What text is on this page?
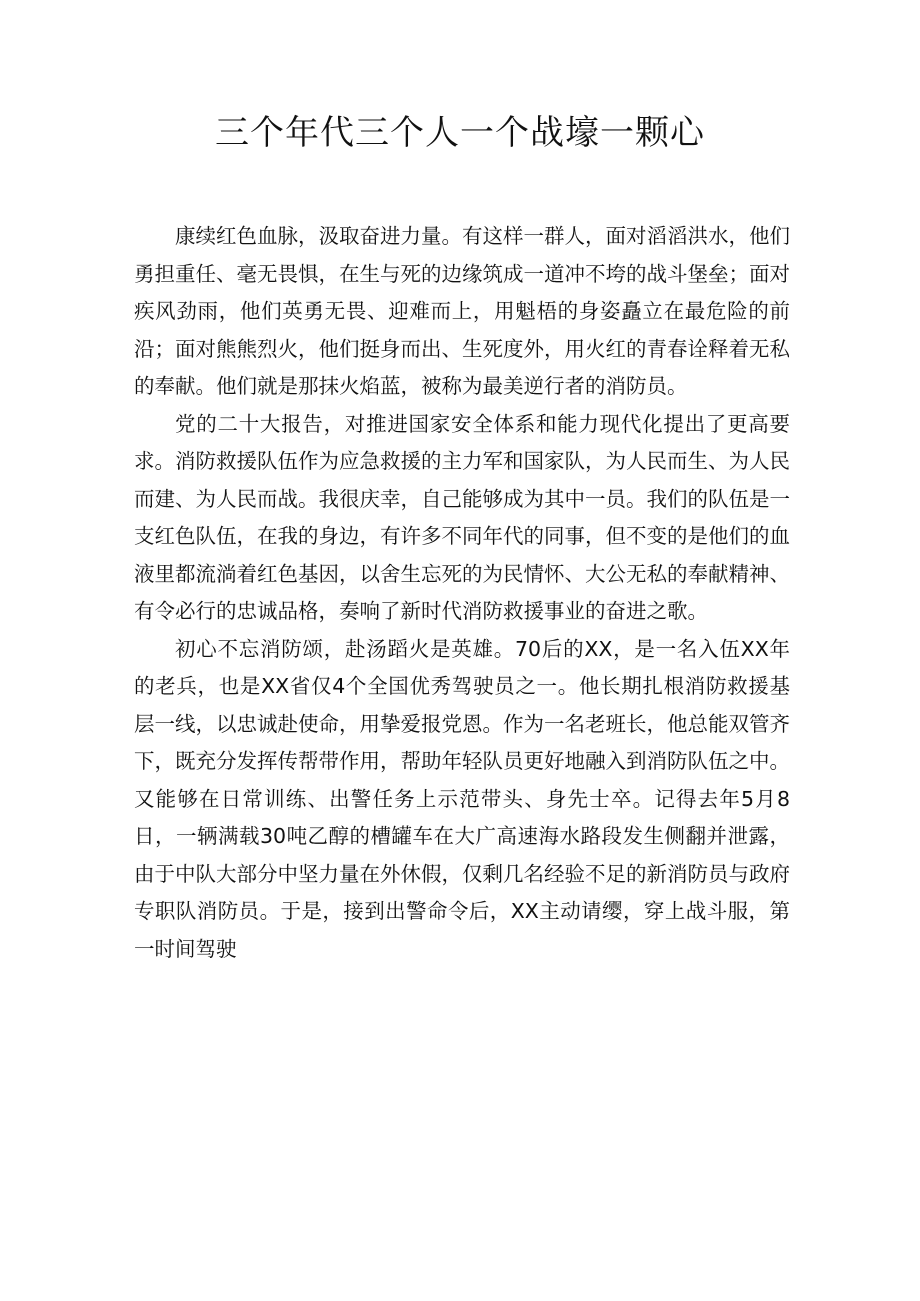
三个年代三个人一个战壕一颗心

康续红色血脉，汲取奋进力量。有这样一群人，面对滔滔洪水，他们勇担重任、毫无畏惧，在生与死的边缘筑成一道冲不垮的战斗堡垒；面对疾风劲雨，他们英勇无畏、迎难而上，用魁梧的身姿矗立在最危险的前沿；面对熊熊烈火，他们挺身而出、生死度外，用火红的青春诠释着无私的奉献。他们就是那抹火焰蓝，被称为最美逆行者的消防员。

党的二十大报告，对推进国家安全体系和能力现代化提出了更高要求。消防救援队伍作为应急救援的主力军和国家队，为人民而生、为人民而建、为人民而战。我很庆幸，自己能够成为其中一员。我们的队伍是一支红色队伍，在我的身边，有许多不同年代的同事，但不变的是他们的血液里都流淌着红色基因，以舍生忘死的为民情怀、大公无私的奉献精神、有令必行的忠诚品格，奏响了新时代消防救援事业的奋进之歌。

初心不忘消防颂，赴汤蹈火是英雄。70后的XX，是一名入伍XX年的老兵，也是XX省仅4个全国优秀驾驶员之一。他长期扎根消防救援基层一线，以忠诚赴使命，用挚爱报党恩。作为一名老班长，他总能双管齐下，既充分发挥传帮带作用，帮助年轻队员更好地融入到消防队伍之中。又能够在日常训练、出警任务上示范带头、身先士卒。记得去年5月8日，一辆满载30吨乙醇的槽罐车在大广高速海水路段发生侧翻并泄露，由于中队大部分中坚力量在外休假，仅剩几名经验不足的新消防员与政府专职队消防员。于是，接到出警命令后，XX主动请缨，穿上战斗服，第一时间驾驶
